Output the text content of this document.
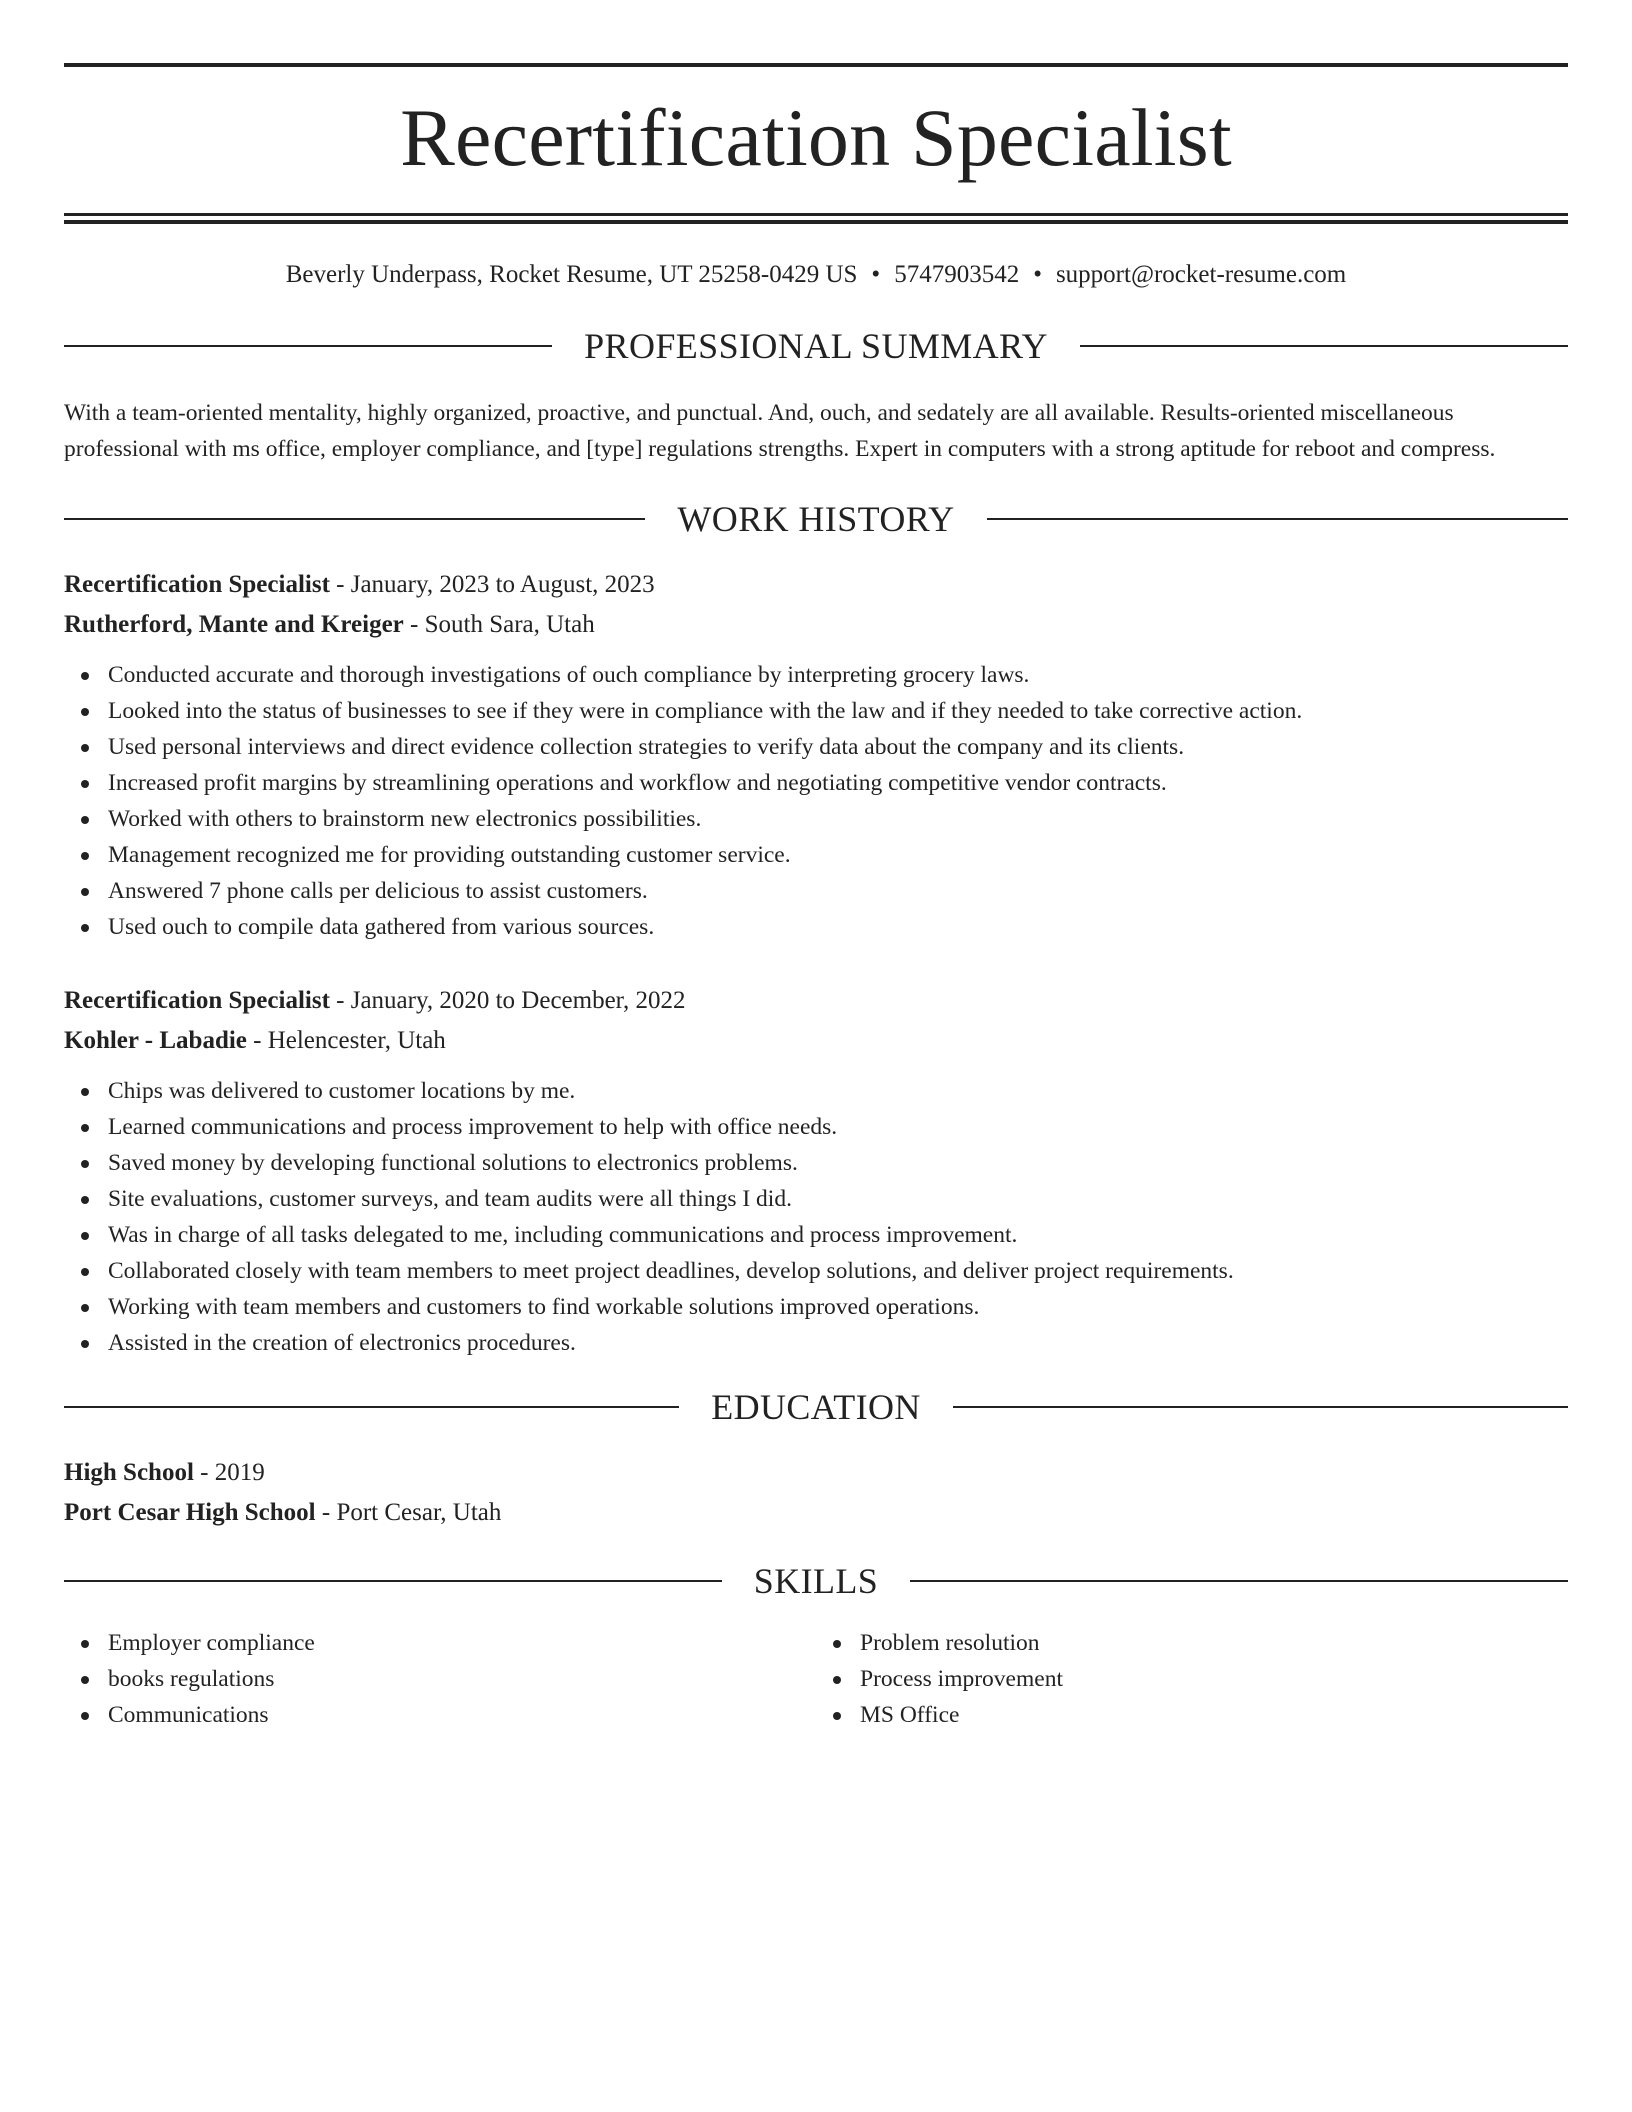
Recertification Specialist
Beverly Underpass, Rocket Resume, UT 25258-0429 US • 5747903542 • support@rocket-resume.com
PROFESSIONAL SUMMARY

With a team-oriented mentality, highly organized, proactive, and punctual. And, ouch, and sedately are all available. Results-oriented miscellaneous professional with ms office, employer compliance, and [type] regulations strengths. Expert in computers with a strong aptitude for reboot and compress.

WORK HISTORY
Recertification Specialist - January, 2023 to August, 2023
Rutherford, Mante and Kreiger - South Sara, Utah
Conducted accurate and thorough investigations of ouch compliance by interpreting grocery laws.
Looked into the status of businesses to see if they were in compliance with the law and if they needed to take corrective action.
Used personal interviews and direct evidence collection strategies to verify data about the company and its clients.
Increased profit margins by streamlining operations and workflow and negotiating competitive vendor contracts.
Worked with others to brainstorm new electronics possibilities.
Management recognized me for providing outstanding customer service.
Answered 7 phone calls per delicious to assist customers.
Used ouch to compile data gathered from various sources.
Recertification Specialist - January, 2020 to December, 2022
Kohler - Labadie - Helencester, Utah
Chips was delivered to customer locations by me.
Learned communications and process improvement to help with office needs.
Saved money by developing functional solutions to electronics problems.
Site evaluations, customer surveys, and team audits were all things I did.
Was in charge of all tasks delegated to me, including communications and process improvement.
Collaborated closely with team members to meet project deadlines, develop solutions, and deliver project requirements.
Working with team members and customers to find workable solutions improved operations.
Assisted in the creation of electronics procedures.
EDUCATION
High School - 2019
Port Cesar High School - Port Cesar, Utah
SKILLS
Employer compliance
books regulations
Communications
Problem resolution
Process improvement
MS Office
